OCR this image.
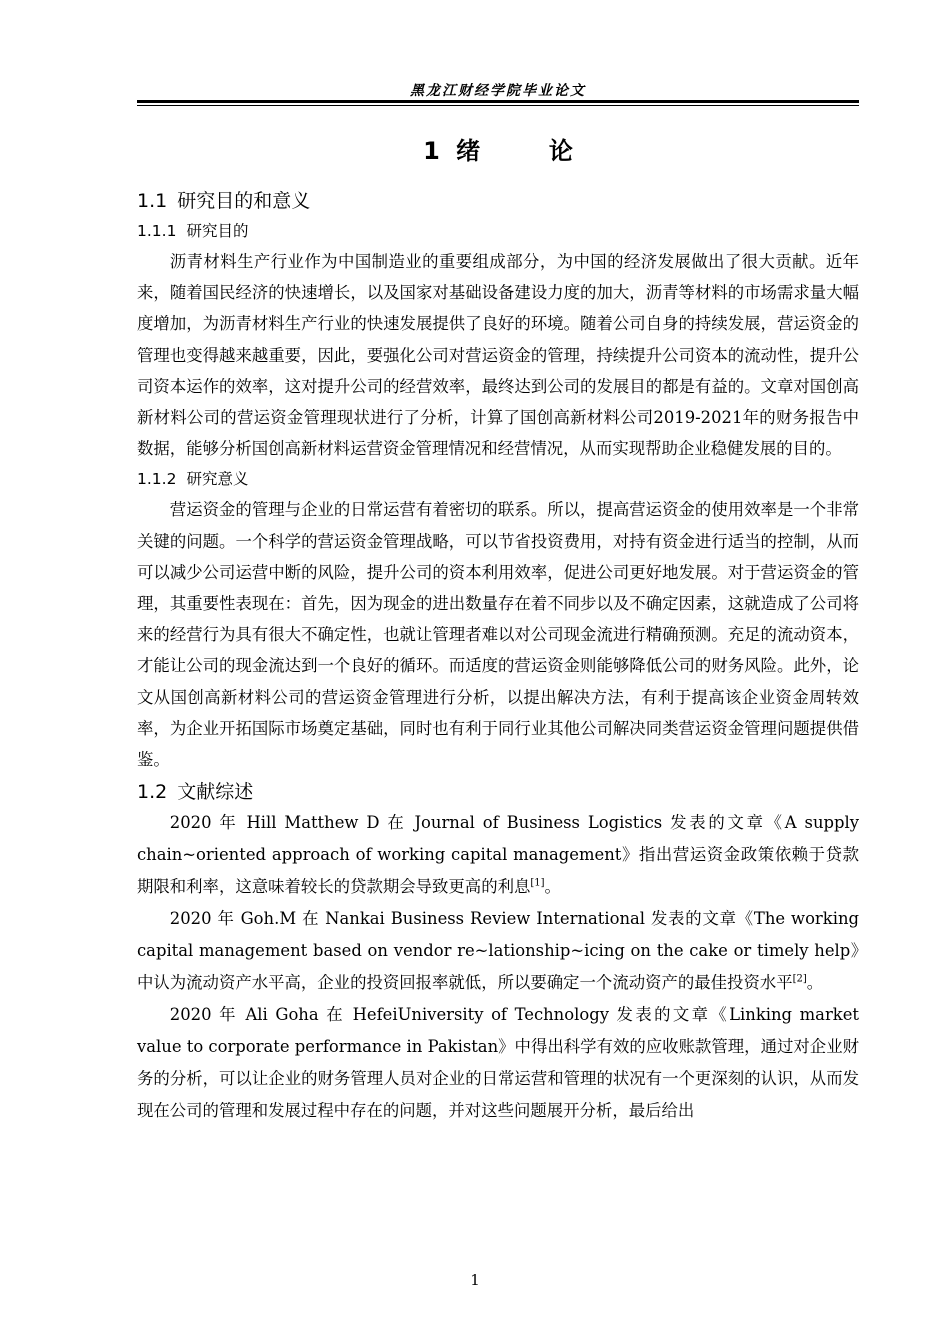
黑龙江财经学院毕业论文
1 绪	论
1.1 研究目的和意义
1.1.1 研究目的

沥青材料生产行业作为中国制造业的重要组成部分，为中国的经济发展做出了很大贡献。近年来，随着国民经济的快速增长，以及国家对基础设备建设力度的加大，沥青等材料的市场需求量大幅度增加，为沥青材料生产行业的快速发展提供了良好的环境。随着公司自身的持续发展，营运资金的管理也变得越来越重要，因此，要强化公司对营运资金的管理，持续提升公司资本的流动性，提升公司资本运作的效率，这对提升公司的经营效率，最终达到公司的发展目的都是有益的。文章对国创高新材料公司的营运资金管理现状进行了分析，计算了国创高新材料公司2019-2021年的财务报告中数据，能够分析国创高新材料运营资金管理情况和经营情况，从而实现帮助企业稳健发展的目的。

1.1.2 研究意义

营运资金的管理与企业的日常运营有着密切的联系。所以，提高营运资金的使用效率是一个非常关键的问题。一个科学的营运资金管理战略，可以节省投资费用，对持有资金进行适当的控制，从而可以减少公司运营中断的风险，提升公司的资本利用效率，促进公司更好地发展。对于营运资金的管理，其重要性表现在：首先，因为现金的进出数量存在着不同步以及不确定因素，这就造成了公司将来的经营行为具有很大不确定性，也就让管理者难以对公司现金流进行精确预测。充足的流动资本，才能让公司的现金流达到一个良好的循环。而适度的营运资金则能够降低公司的财务风险。此外，论文从国创高新材料公司的营运资金管理进行分析，以提出解决方法，有利于提高该企业资金周转效率，为企业开拓国际市场奠定基础，同时也有利于同行业其他公司解决同类营运资金管理问题提供借鉴。

1.2 文献综述

2020 年 Hill Matthew D 在 Journal of Business Logistics 发表的文章《A supply chain~oriented approach of working capital management》指出营运资金政策依赖于贷款期限和利率，这意味着较长的贷款期会导致更高的利息[1]。

2020 年 Goh.M 在 Nankai Business Review International 发表的文章《The working capital management based on vendor re~lationship~icing on the cake or timely help》中认为流动资产水平高，企业的投资回报率就低，所以要确定一个流动资产的最佳投资水平[2]。

2020 年 Ali Goha 在 HefeiUniversity of Technology 发表的文章《Linking market value to corporate performance in Pakistan》中得出科学有效的应收账款管理，通过对企业财务的分析，可以让企业的财务管理人员对企业的日常运营和管理的状况有一个更深刻的认识，从而发现在公司的管理和发展过程中存在的问题，并对这些问题展开分析，最后给出

1
